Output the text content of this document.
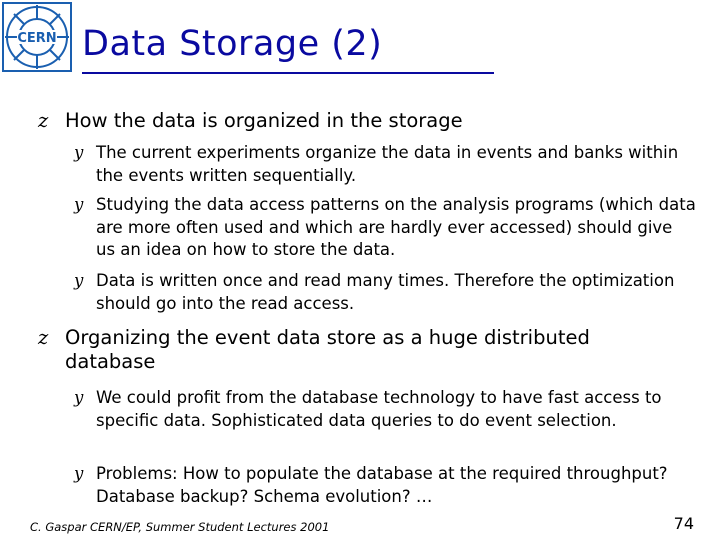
CERN Data Storage (2)
z How the data is organized in the storage
y The current experiments organize the data in events and banks within the events written sequentially.
y Studying the data access patterns on the analysis programs (which data are more often used and which are hardly ever accessed) should give us an idea on how to store the data.
y Data is written once and read many times. Therefore the optimization should go into the read access.
z Organizing the event data store as a huge distributed database
y We could profit from the database technology to have fast access to specific data. Sophisticated data queries to do event selection.
y Problems: How to populate the database at the required throughput? Database backup? Schema evolution? …
C. Gaspar CERN/EP, Summer Student Lectures 2001	74
